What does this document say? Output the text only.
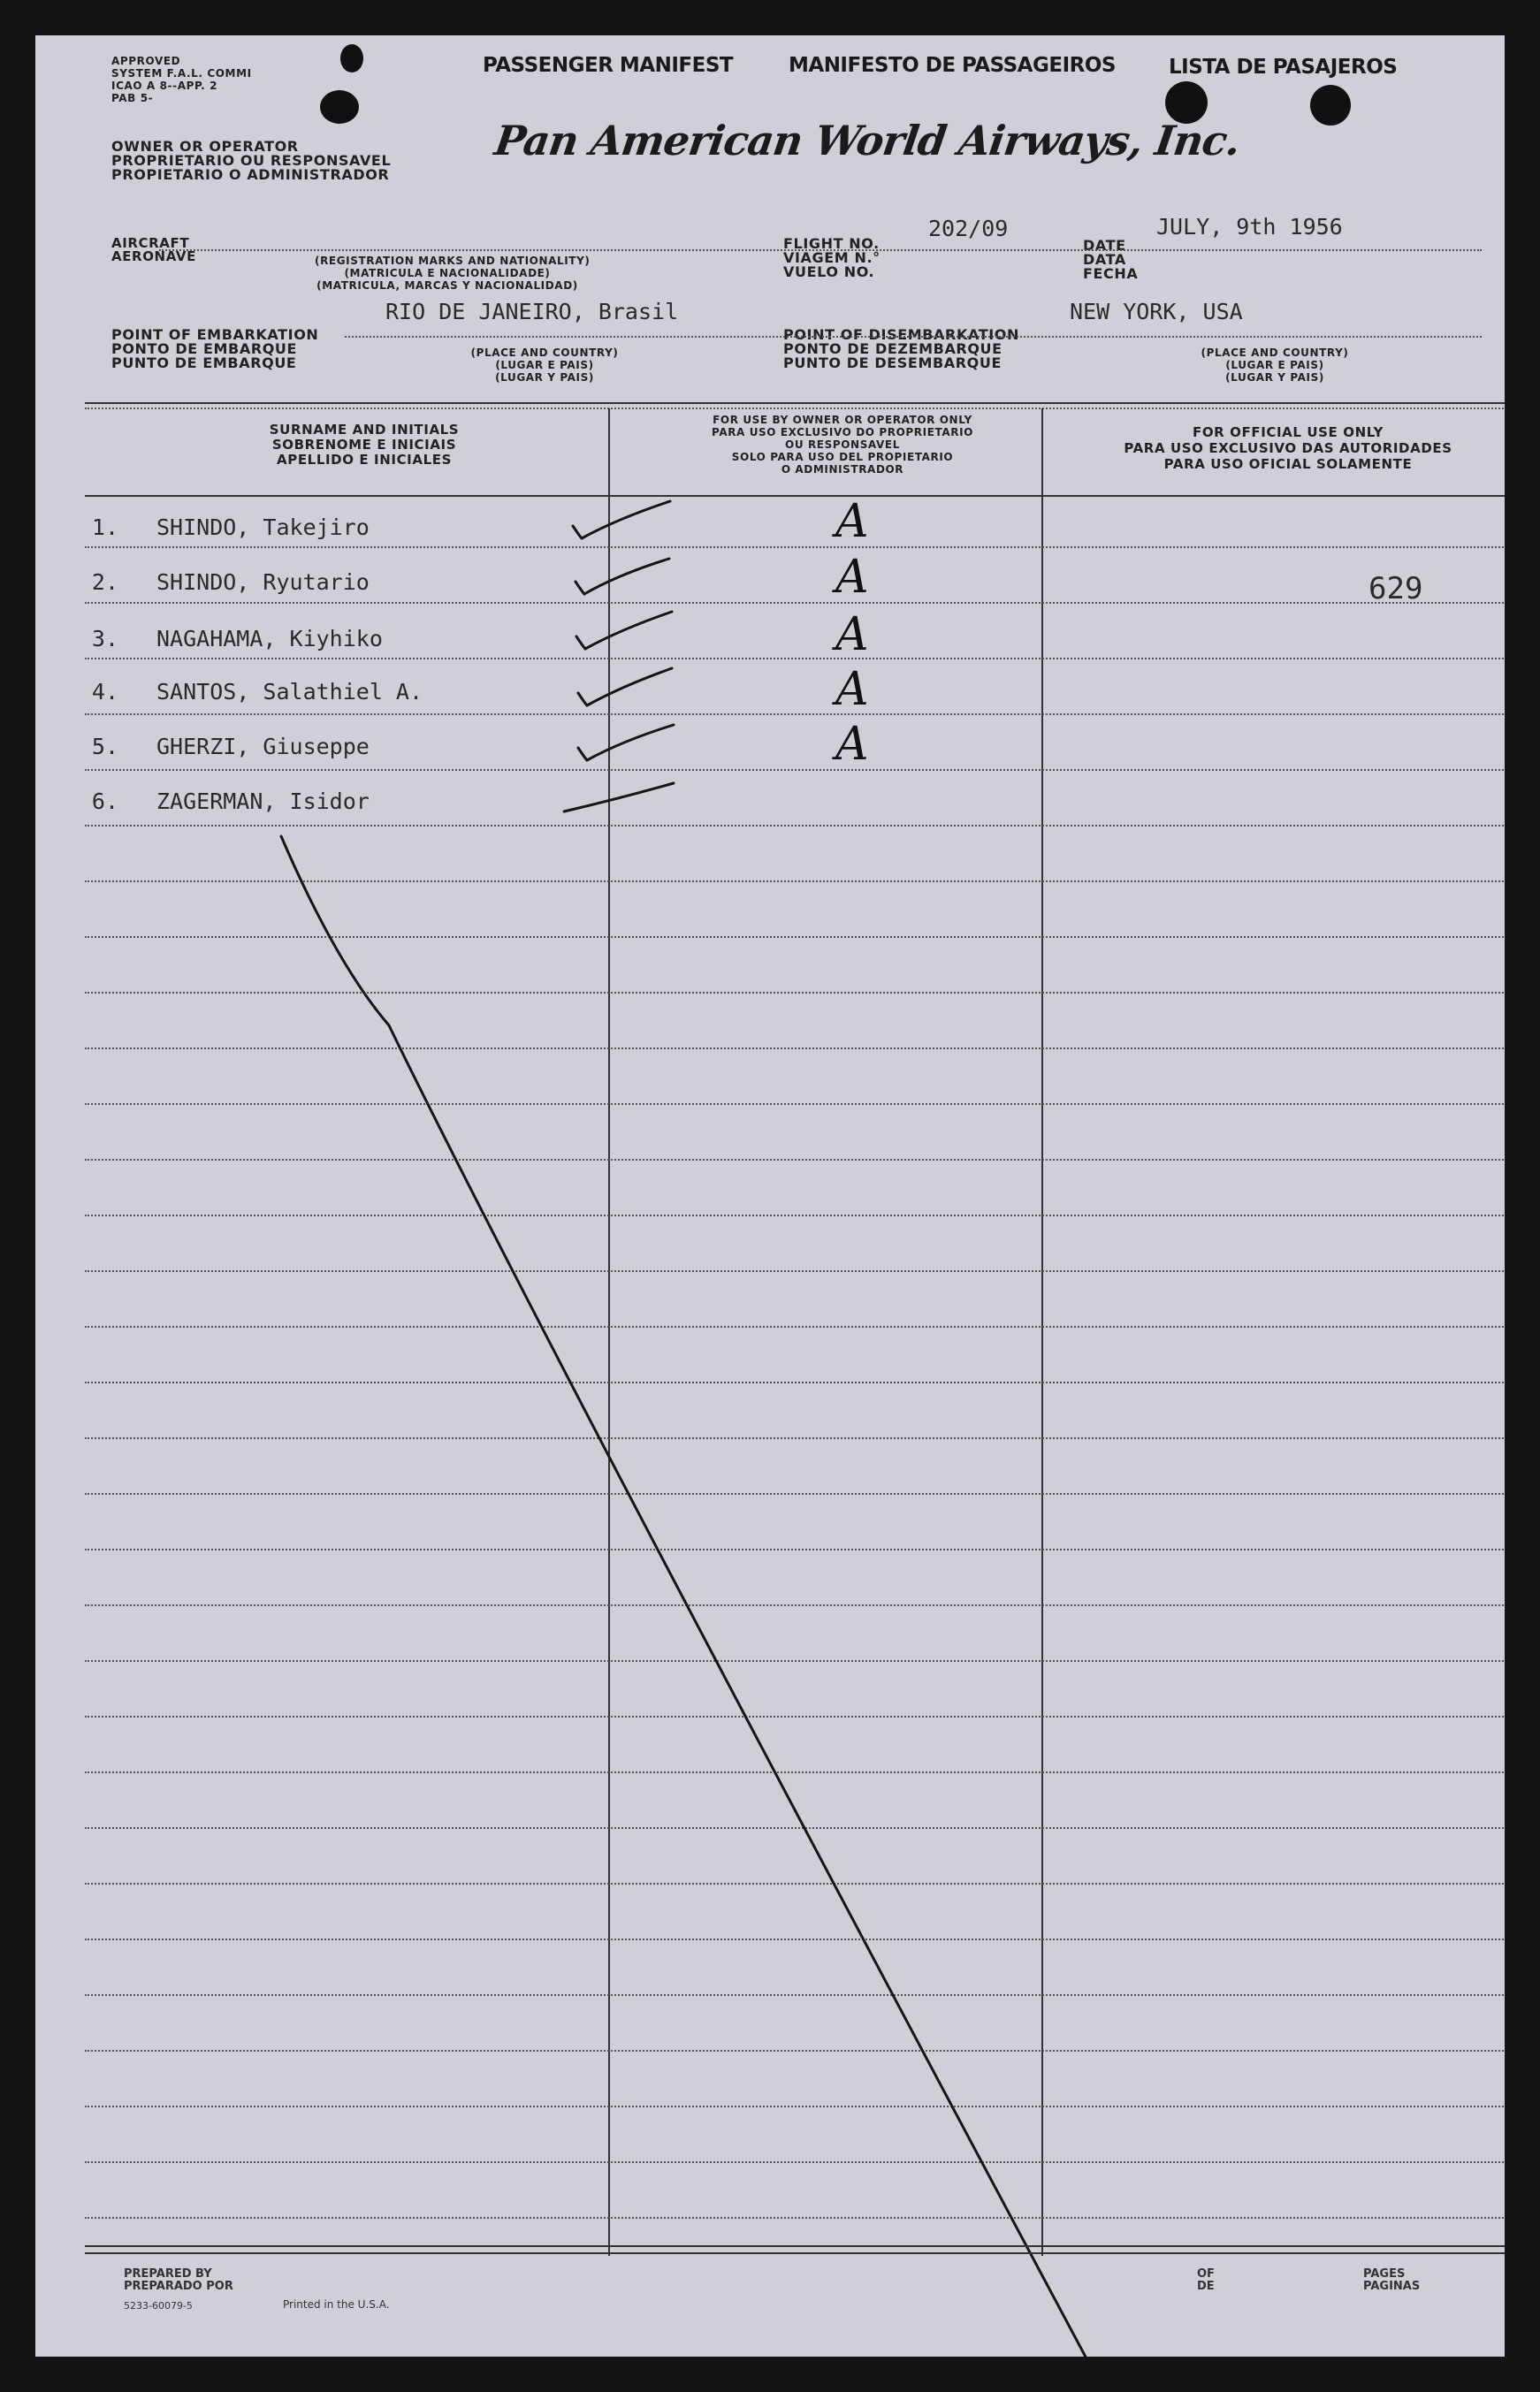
APPROVED
SYSTEM F.A.L. COMMI
ICAO A 8--APP. 2
PAB 5-
PASSENGER MANIFEST	MANIFESTO DE PASSAGEIROS	LISTA DE PASAJEROS
OWNER OR OPERATOR
PROPRIETARIO OU RESPONSAVEL
PROPIETARIO O ADMINISTRADOR
Pan American World Airways, Inc.
AIRCRAFT
AERONAVE	(REGISTRATION MARKS AND NATIONALITY)
(MATRICULA E NACIONALIDADE)
(MATRICULA, MARCAS Y NACIONALIDAD)
FLIGHT NO.
VIAGEM N.°
VUELO NO.
202/09
DATE
DATA
FECHA
JULY, 9th 1956
RIO DE JANEIRO, Brasil	NEW YORK, USA
POINT OF EMBARKATION
PONTO DE EMBARQUE
PUNTO DE EMBARQUE
(PLACE AND COUNTRY)
(LUGAR E PAIS)
(LUGAR Y PAIS)
POINT OF DISEMBARKATION
PONTO DE DEZEMBARQUE
PUNTO DE DESEMBARQUE
(PLACE AND COUNTRY)
(LUGAR E PAIS)
(LUGAR Y PAIS)
SURNAME AND INITIALS
SOBRENOME E INICIAIS
APELLIDO E INICIALES
FOR USE BY OWNER OR OPERATOR ONLY
PARA USO EXCLUSIVO DO PROPRIETARIO
OU RESPONSAVEL
SOLO PARA USO DEL PROPIETARIO
O ADMINISTRADOR
FOR OFFICIAL USE ONLY
PARA USO EXCLUSIVO DAS AUTORIDADES
PARA USO OFICIAL SOLAMENTE
1. SHINDO, Takejiro	A
2. SHINDO, Ryutario	A	629
3. NAGAHAMA, Kiyhiko	A
4. SANTOS, Salathiel A.	A
5. GHERZI, Giuseppe	A
6. ZAGERMAN, Isidor
PREPARED BY
PREPARADO POR
5233-60079-5	Printed in the U.S.A.
OF
DE
PAGES
PAGINAS
